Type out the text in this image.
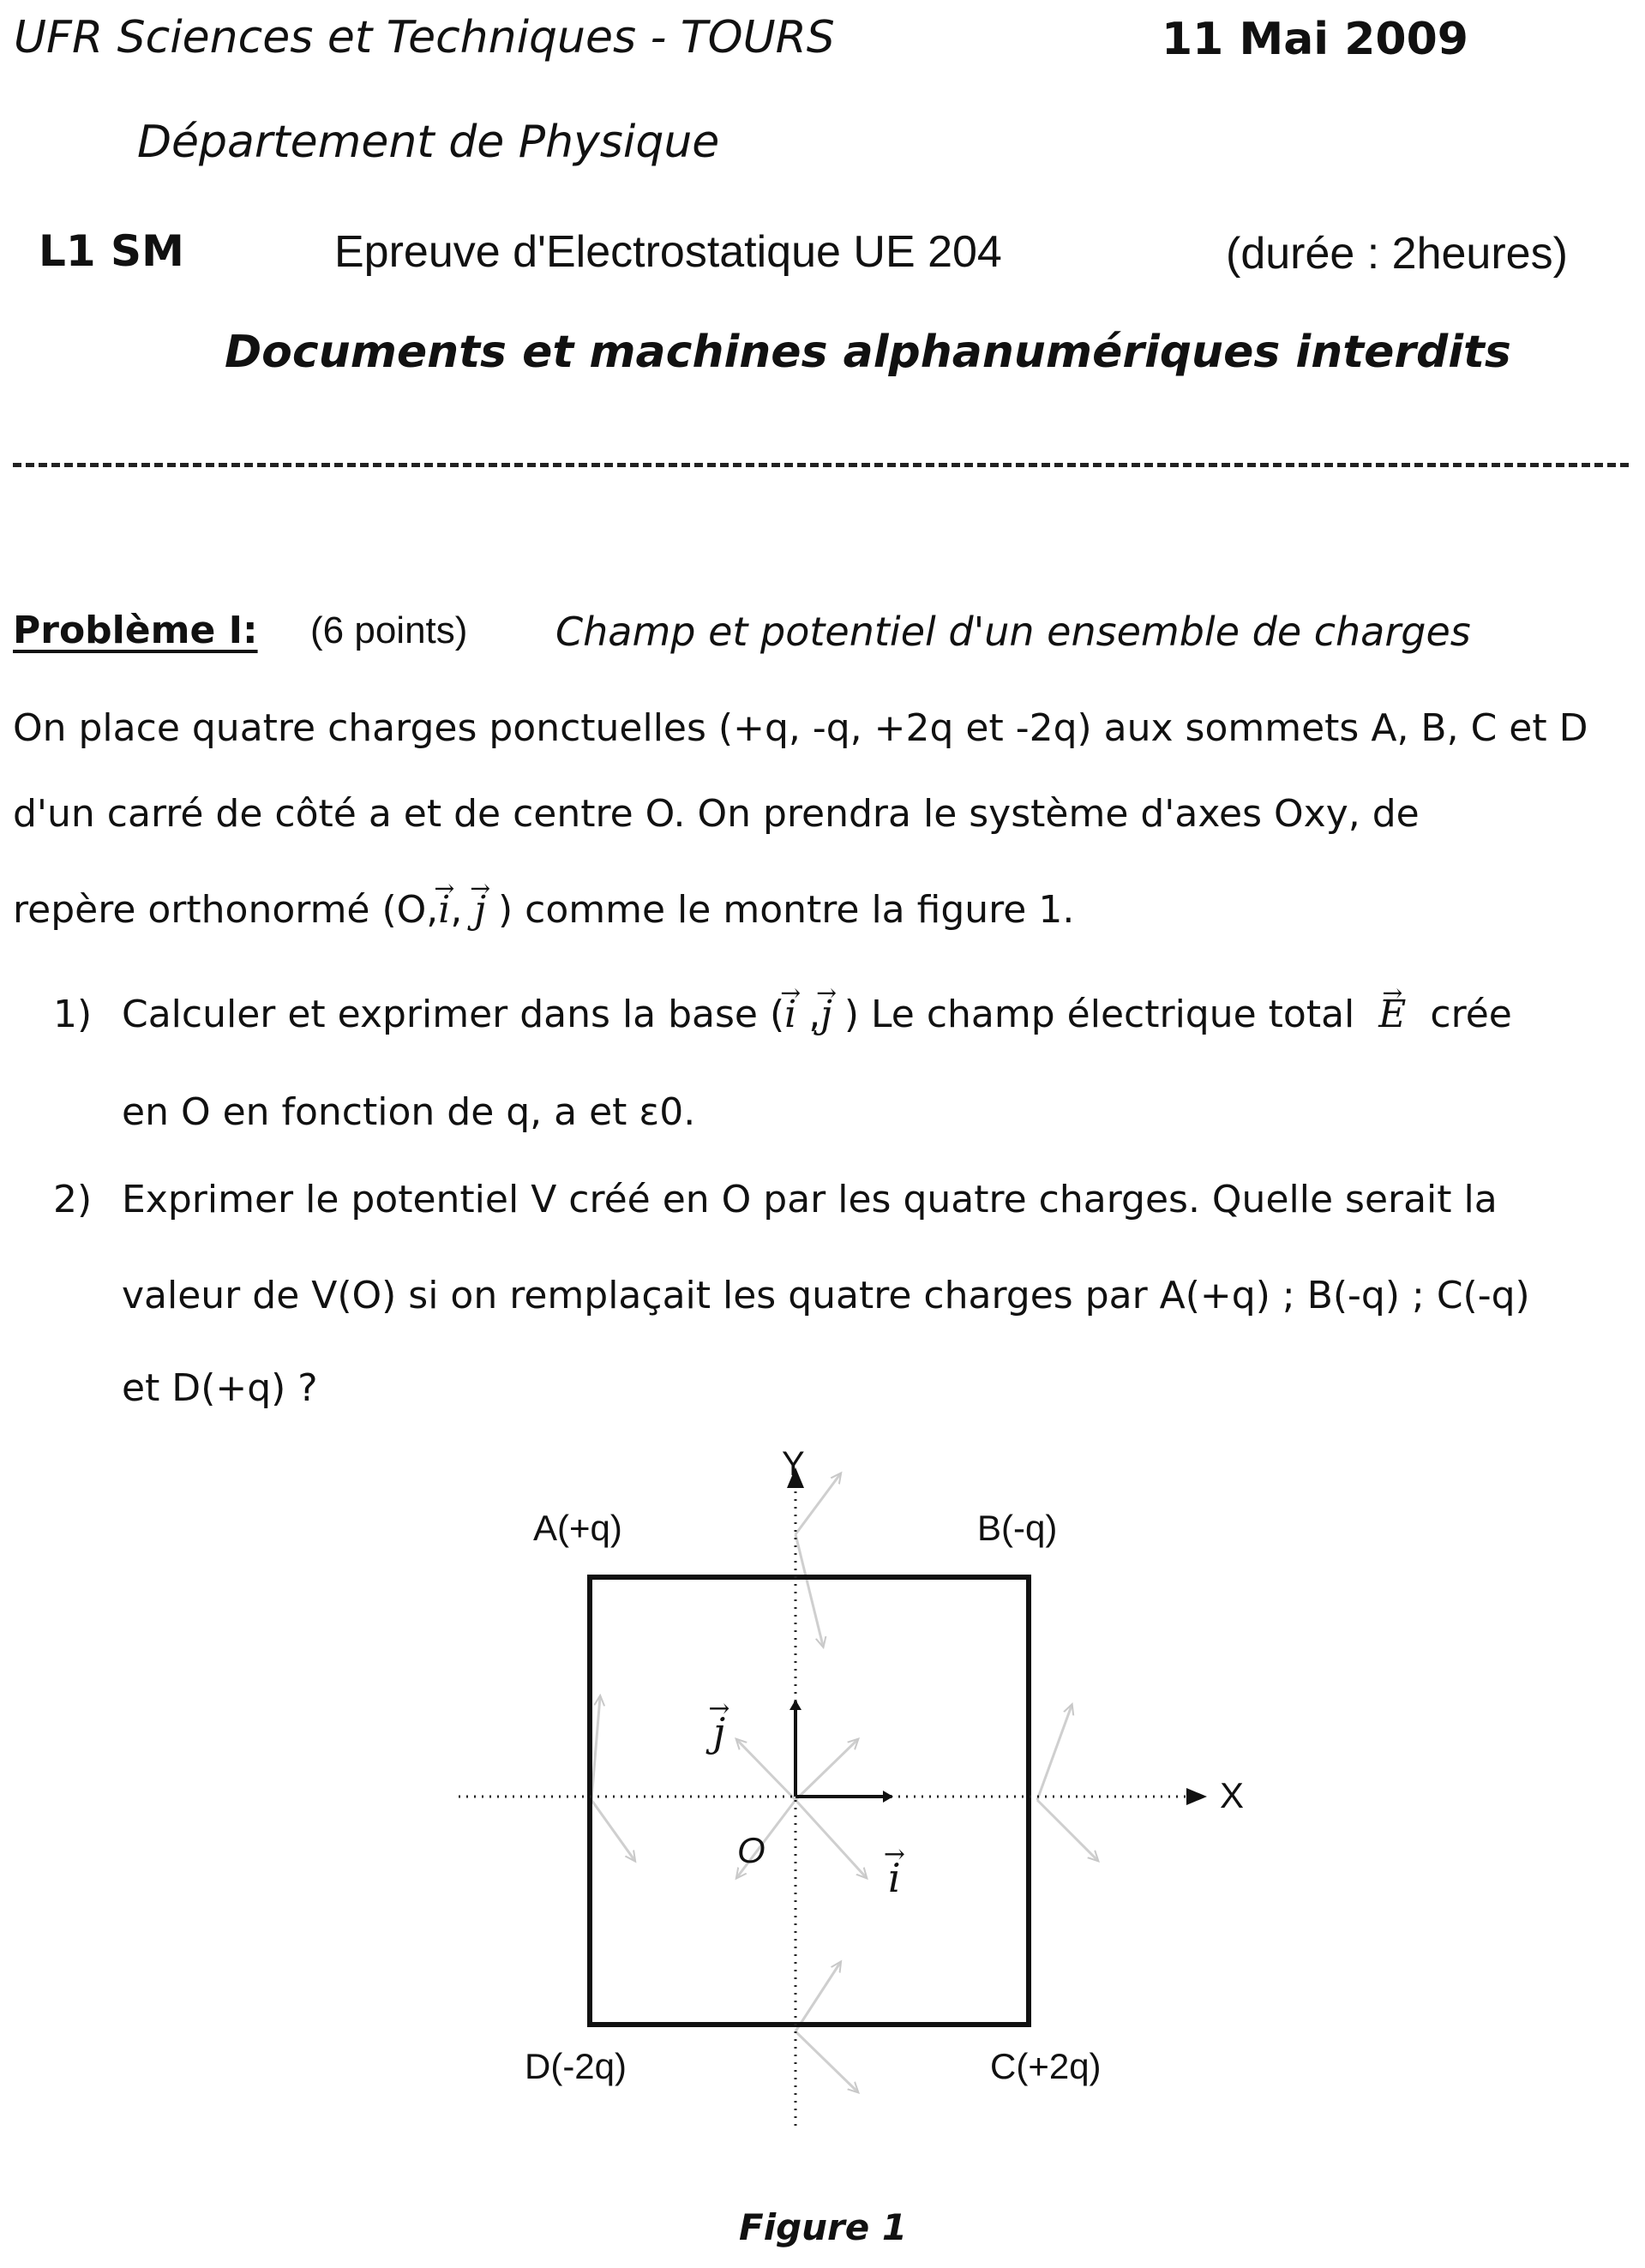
UFR Sciences et Techniques - TOURS	11 Mai 2009
Département de Physique
L1 SM	Epreuve d'Electrostatique UE 204	(durée : 2heures)
Documents et machines alphanumériques interdits
Problème I: (6 points) Champ et potentiel d'un ensemble de charges
On place quatre charges ponctuelles (+q, -q, +2q et -2q) aux sommets A, B, C et D
d'un carré de côté a et de centre O. On prendra le système d'axes Oxy, de
repère orthonormé (O,→ i, → j ) comme le montre la figure 1.
1) Calculer et exprimer dans la base (→ i ,→ j ) Le champ électrique total → E crée
en O en fonction de q, a et ε0.
2) Exprimer le potentiel V créé en O par les quatre charges. Quelle serait la
valeur de V(O) si on remplaçait les quatre charges par A(+q) ; B(-q) ; C(-q)
et D(+q) ?
Y
X
A(+q)	B(-q)
D(-2q)	C(+2q)
O
→ i → j
Figure 1
